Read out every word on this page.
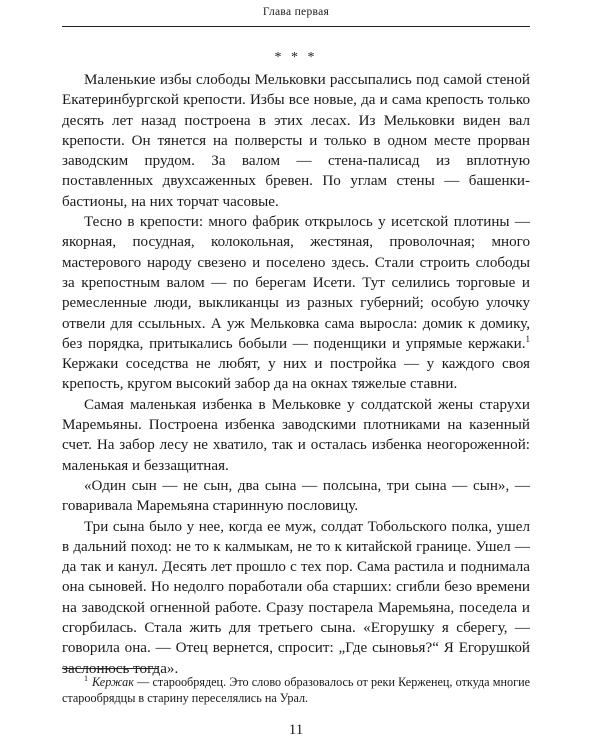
Глава первая
* * *

Маленькие избы слободы Мельковки рассыпались под самой стеной Екатеринбургской крепости. Избы все новые, да и сама крепость только десять лет назад построена в этих лесах. Из Мельковки виден вал крепости. Он тянется на полверсты и только в одном месте прорван заводским прудом. За валом — стена-палисад из вплотную поставленных двухсаженных бревен. По углам стены — башенки-бастионы, на них торчат часовые.

Тесно в крепости: много фабрик открылось у исетской плотины — якорная, посудная, колокольная, жестяная, проволочная; много мастерового народу свезено и поселено здесь. Стали строить слободы за крепостным валом — по берегам Исети. Тут селились торговые и ремесленные люди, выкликанцы из разных губерний; особую улочку отвели для ссыльных. А уж Мельковка сама выросла: домик к домику, без порядка, притыкались бобыли — поденщики и упрямые кержаки.$^1$ Кержаки соседства не любят, у них и постройка — у каждого своя крепость, кругом высокий забор да на окнах тяжелые ставни.

Самая маленькая избенка в Мельковке у солдатской жены старухи Маремьяны. Построена избенка заводскими плотниками на казенный счет. На забор лесу не хватило, так и осталась избенка неогороженной: маленькая и беззащитная.

«Один сын — не сын, два сына — полсына, три сына — сын», — говаривала Маремьяна старинную пословицу.

Три сына было у нее, когда ее муж, солдат Тобольского полка, ушел в дальний поход: не то к калмыкам, не то к китайской границе. Ушел — да так и канул. Десять лет прошло с тех пор. Сама растила и поднимала она сыновей. Но недолго поработали оба старших: сгибли безо времени на заводской огненной работе. Сразу постарела Маремьяна, поседела и сгорбилась. Стала жить для третьего сына. «Егорушку я сберегу, — говорила она. — Отец вернется, спросит: „Где сыновья?“ Я Егорушкой заслонюсь тогда».

$^1$ Кержак — старообрядец. Это слово образовалось от реки Керженец, откуда многие старообрядцы в старину переселялись на Урал.
11
